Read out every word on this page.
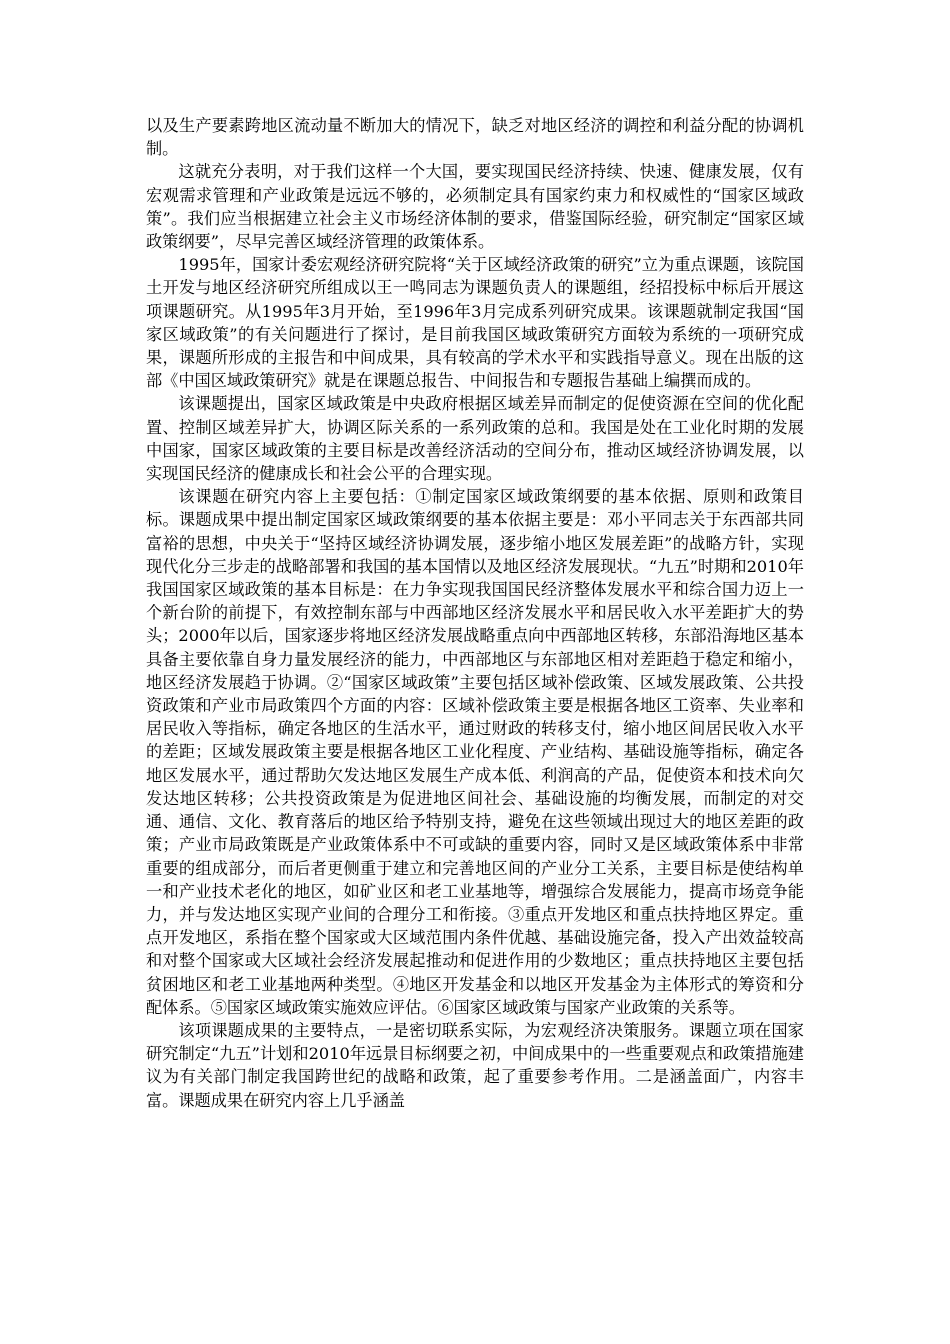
以及生产要素跨地区流动量不断加大的情况下，缺乏对地区经济的调控和利益分配的协调机制。

这就充分表明，对于我们这样一个大国，要实现国民经济持续、快速、健康发展，仅有宏观需求管理和产业政策是远远不够的，必须制定具有国家约束力和权威性的“国家区域政策”。我们应当根据建立社会主义市场经济体制的要求，借鉴国际经验，研究制定“国家区域政策纲要”，尽早完善区域经济管理的政策体系。

1995年，国家计委宏观经济研究院将“关于区域经济政策的研究”立为重点课题，该院国土开发与地区经济研究所组成以王一鸣同志为课题负责人的课题组，经招投标中标后开展这项课题研究。从1995年3月开始，至1996年3月完成系列研究成果。该课题就制定我国“国家区域政策”的有关问题进行了探讨，是目前我国区域政策研究方面较为系统的一项研究成果，课题所形成的主报告和中间成果，具有较高的学术水平和实践指导意义。现在出版的这部《中国区域政策研究》就是在课题总报告、中间报告和专题报告基础上编撰而成的。

该课题提出，国家区域政策是中央政府根据区域差异而制定的促使资源在空间的优化配置、控制区域差异扩大，协调区际关系的一系列政策的总和。我国是处在工业化时期的发展中国家，国家区域政策的主要目标是改善经济活动的空间分布，推动区域经济协调发展，以实现国民经济的健康成长和社会公平的合理实现。

该课题在研究内容上主要包括：①制定国家区域政策纲要的基本依据、原则和政策目标。课题成果中提出制定国家区域政策纲要的基本依据主要是：邓小平同志关于东西部共同富裕的思想，中央关于“坚持区域经济协调发展，逐步缩小地区发展差距”的战略方针，实现现代化分三步走的战略部署和我国的基本国情以及地区经济发展现状。“九五”时期和2010年我国国家区域政策的基本目标是：在力争实现我国国民经济整体发展水平和综合国力迈上一个新台阶的前提下，有效控制东部与中西部地区经济发展水平和居民收入水平差距扩大的势头；2000年以后，国家逐步将地区经济发展战略重点向中西部地区转移，东部沿海地区基本具备主要依靠自身力量发展经济的能力，中西部地区与东部地区相对差距趋于稳定和缩小，地区经济发展趋于协调。②“国家区域政策”主要包括区域补偿政策、区域发展政策、公共投资政策和产业市局政策四个方面的内容：区域补偿政策主要是根据各地区工资率、失业率和居民收入等指标，确定各地区的生活水平，通过财政的转移支付，缩小地区间居民收入水平的差距；区域发展政策主要是根据各地区工业化程度、产业结构、基础设施等指标，确定各地区发展水平，通过帮助欠发达地区发展生产成本低、利润高的产品，促使资本和技术向欠发达地区转移；公共投资政策是为促进地区间社会、基础设施的均衡发展，而制定的对交通、通信、文化、教育落后的地区给予特别支持，避免在这些领域出现过大的地区差距的政策；产业市局政策既是产业政策体系中不可或缺的重要内容，同时又是区域政策体系中非常重要的组成部分，而后者更侧重于建立和完善地区间的产业分工关系，主要目标是使结构单一和产业技术老化的地区，如矿业区和老工业基地等，增强综合发展能力，提高市场竞争能力，并与发达地区实现产业间的合理分工和衔接。③重点开发地区和重点扶持地区界定。重点开发地区，系指在整个国家或大区域范围内条件优越、基础设施完备，投入产出效益较高和对整个国家或大区域社会经济发展起推动和促进作用的少数地区；重点扶持地区主要包括贫困地区和老工业基地两种类型。④地区开发基金和以地区开发基金为主体形式的筹资和分配体系。⑤国家区域政策实施效应评估。⑥国家区域政策与国家产业政策的关系等。

该项课题成果的主要特点，一是密切联系实际，为宏观经济决策服务。课题立项在国家研究制定“九五”计划和2010年远景目标纲要之初，中间成果中的一些重要观点和政策措施建议为有关部门制定我国跨世纪的战略和政策，起了重要参考作用。二是涵盖面广，内容丰富。课题成果在研究内容上几乎涵盖
